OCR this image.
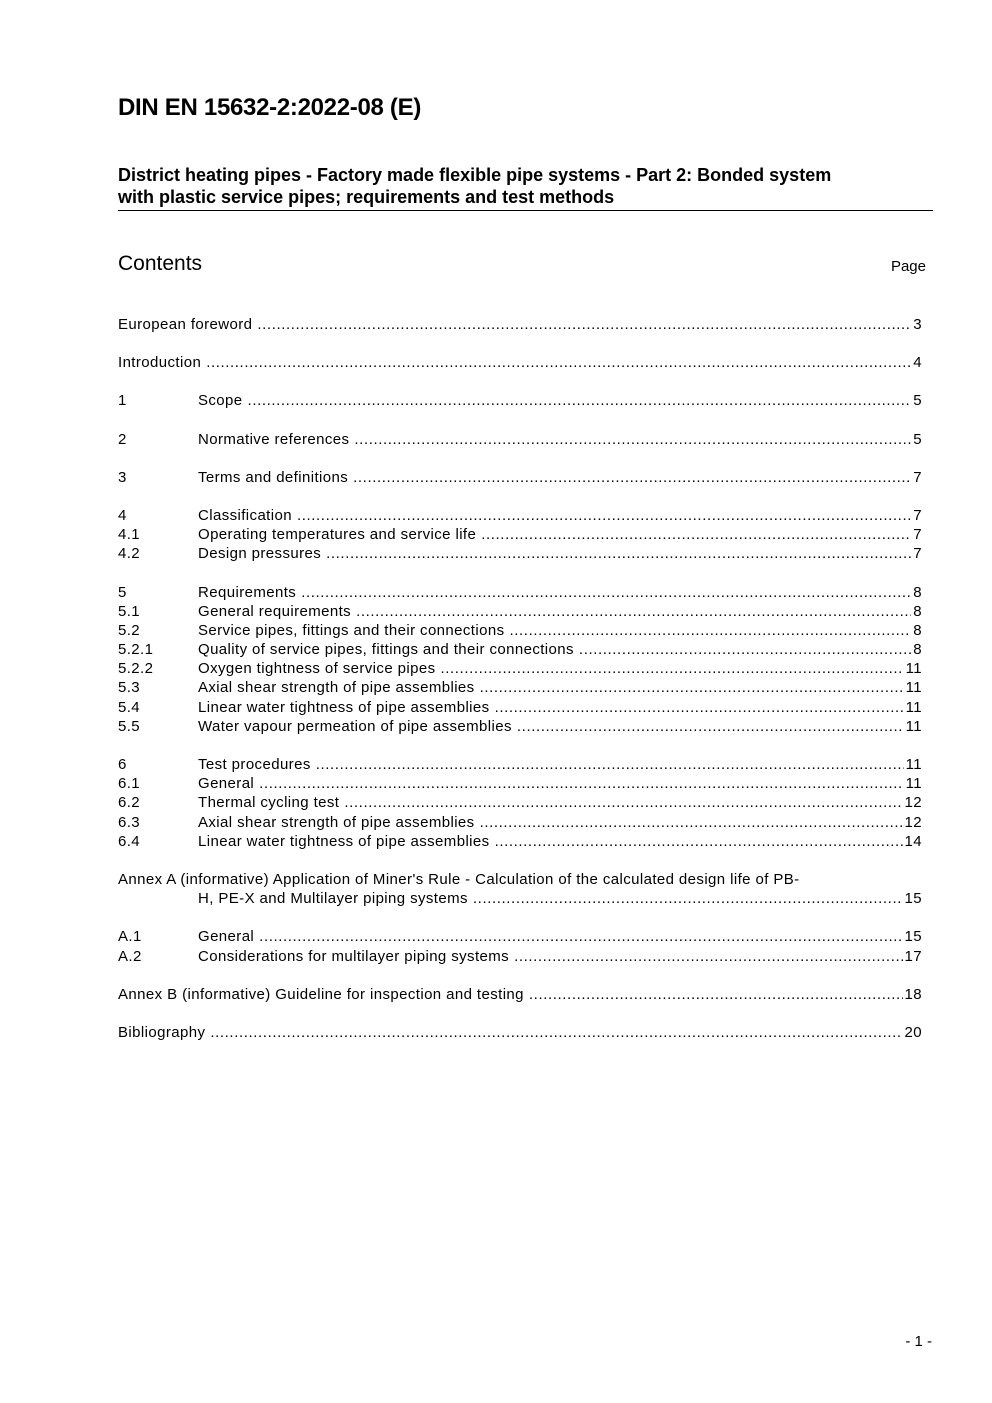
DIN EN 15632-2:2022-08 (E)
District heating pipes - Factory made flexible pipe systems - Part 2: Bonded system
with plastic service pipes; requirements and test methods
Contents	Page
European foreword .....	3
Introduction .....	4
1	Scope .....	5
2	Normative references .....	5
3	Terms and definitions .....	7
4	Classification .....	7
4.1	Operating temperatures and service life .....	7
4.2	Design pressures .....	7
5	Requirements .....	8
5.1	General requirements .....	8
5.2	Service pipes, fittings and their connections .....	8
5.2.1	Quality of service pipes, fittings and their connections .....	8
5.2.2	Oxygen tightness of service pipes .....	11
5.3	Axial shear strength of pipe assemblies .....	11
5.4	Linear water tightness of pipe assemblies .....	11
5.5	Water vapour permeation of pipe assemblies .....	11
6	Test procedures .....	11
6.1	General .....	11
6.2	Thermal cycling test .....	12
6.3	Axial shear strength of pipe assemblies .....	12
6.4	Linear water tightness of pipe assemblies .....	14
Annex A (informative) Application of Miner's Rule - Calculation of the calculated design life of PB-
H, PE-X and Multilayer piping systems .....	15
A.1	General .....	15
A.2	Considerations for multilayer piping systems .....	17
Annex B (informative) Guideline for inspection and testing .....	18
Bibliography .....	20
- 1 -
